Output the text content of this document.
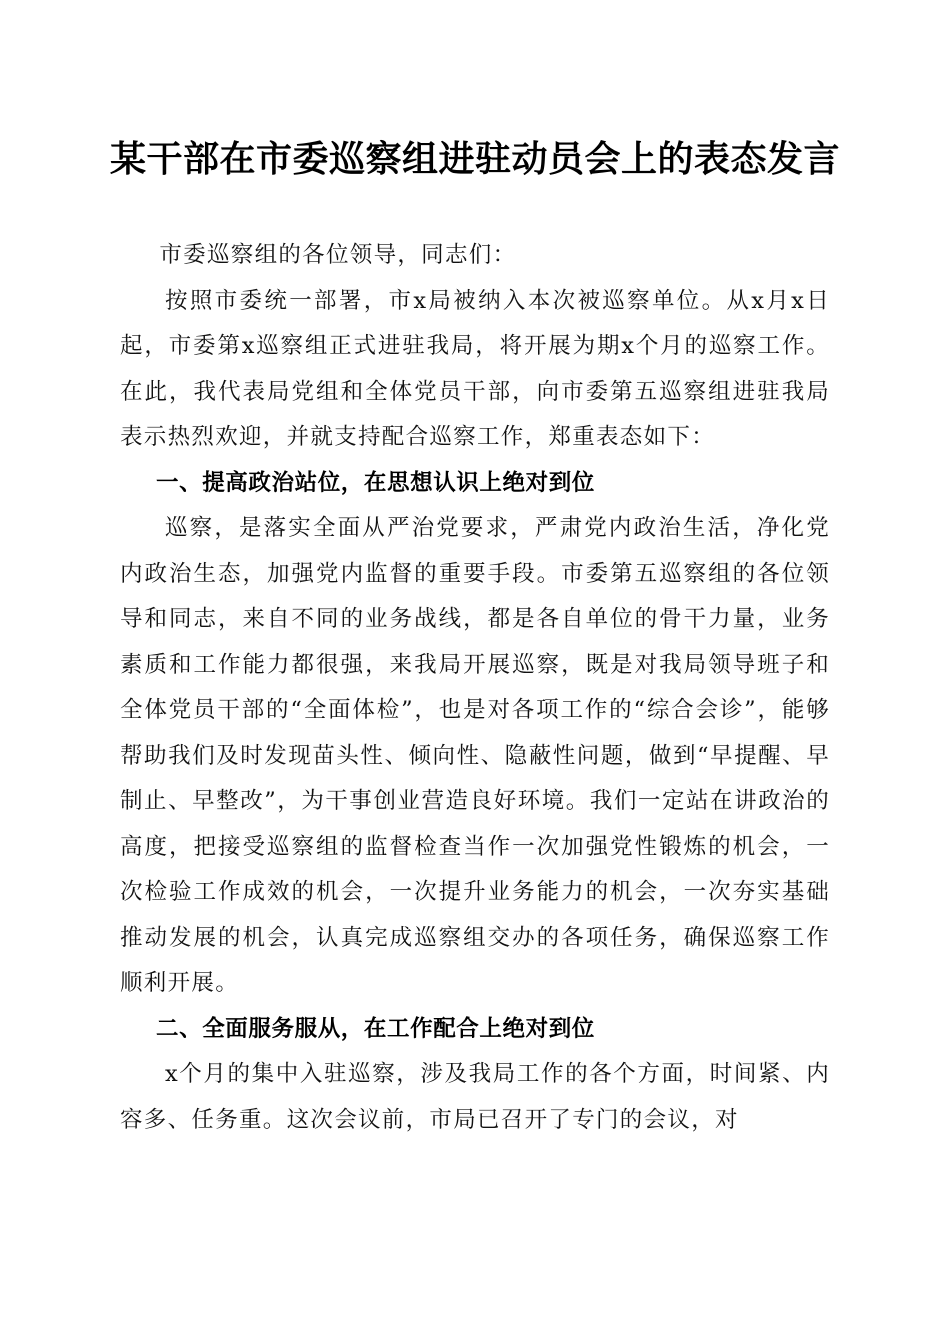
某干部在市委巡察组进驻动员会上的表态发言

市委巡察组的各位领导，同志们：

按照市委统一部署，市x局被纳入本次被巡察单位。从x月x日起，市委第x巡察组正式进驻我局，将开展为期x个月的巡察工作。在此，我代表局党组和全体党员干部，向市委第五巡察组进驻我局表示热烈欢迎，并就支持配合巡察工作，郑重表态如下：

一、提高政治站位，在思想认识上绝对到位

巡察，是落实全面从严治党要求，严肃党内政治生活，净化党内政治生态，加强党内监督的重要手段。市委第五巡察组的各位领导和同志，来自不同的业务战线，都是各自单位的骨干力量，业务素质和工作能力都很强，来我局开展巡察，既是对我局领导班子和全体党员干部的“全面体检”，也是对各项工作的“综合会诊”，能够帮助我们及时发现苗头性、倾向性、隐蔽性问题，做到“早提醒、早制止、早整改”，为干事创业营造良好环境。我们一定站在讲政治的高度，把接受巡察组的监督检查当作一次加强党性锻炼的机会，一次检验工作成效的机会，一次提升业务能力的机会，一次夯实基础推动发展的机会，认真完成巡察组交办的各项任务，确保巡察工作顺利开展。

二、全面服务服从，在工作配合上绝对到位

x个月的集中入驻巡察，涉及我局工作的各个方面，时间紧、内容多、任务重。这次会议前，市局已召开了专门的会议，对
